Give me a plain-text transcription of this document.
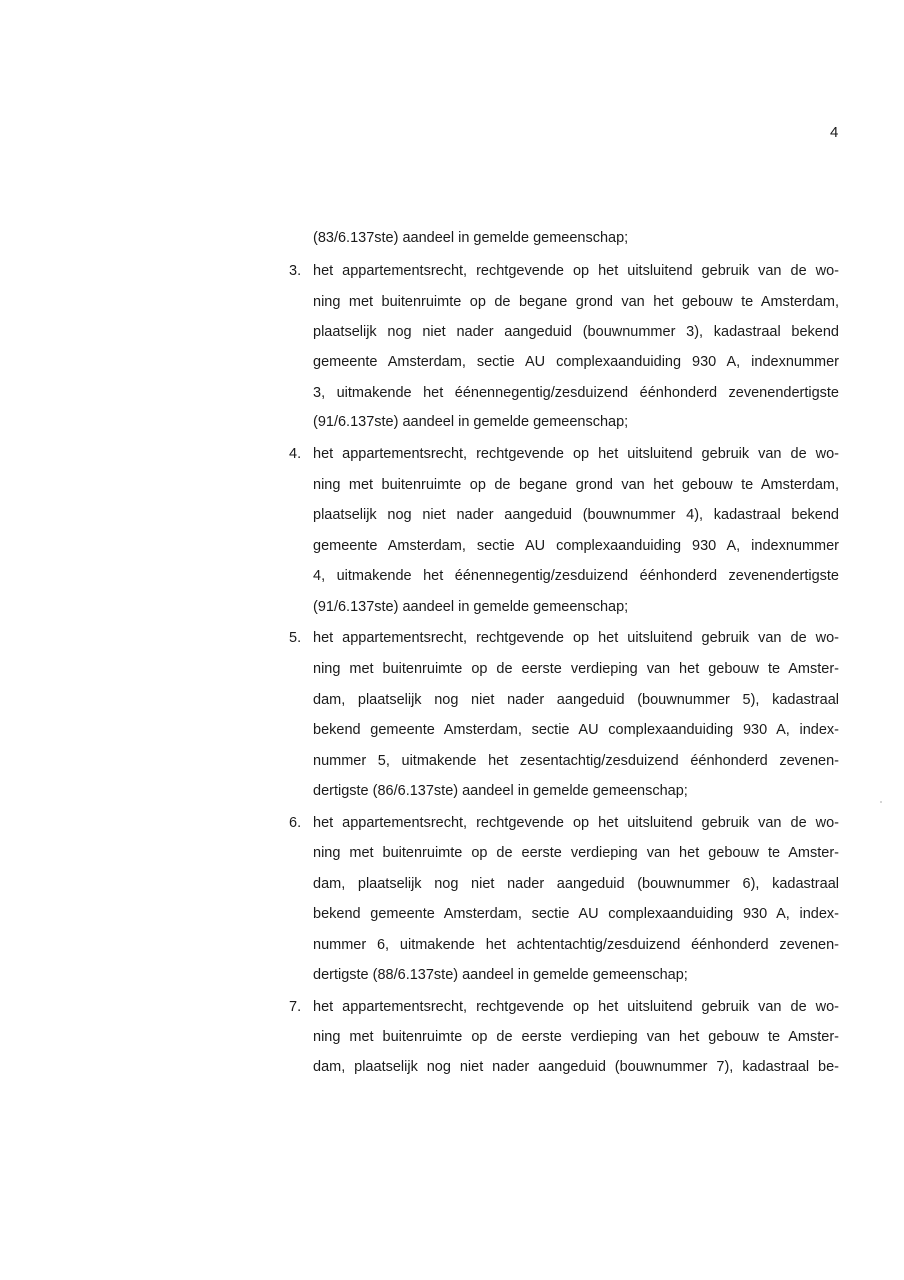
4
(83/6.137ste) aandeel in gemelde gemeenschap;
3. het appartementsrecht, rechtgevende op het uitsluitend gebruik van de wo-
ning met buitenruimte op de begane grond van het gebouw te Amsterdam,
plaatselijk nog niet nader aangeduid (bouwnummer 3), kadastraal bekend
gemeente Amsterdam, sectie AU complexaanduiding 930 A, indexnummer
3, uitmakende het éénennegentig/zesduizend éénhonderd zevenendertigste
(91/6.137ste) aandeel in gemelde gemeenschap;
4. het appartementsrecht, rechtgevende op het uitsluitend gebruik van de wo-
ning met buitenruimte op de begane grond van het gebouw te Amsterdam,
plaatselijk nog niet nader aangeduid (bouwnummer 4), kadastraal bekend
gemeente Amsterdam, sectie AU complexaanduiding 930 A, indexnummer
4, uitmakende het éénennegentig/zesduizend éénhonderd zevenendertigste
(91/6.137ste) aandeel in gemelde gemeenschap;
5. het appartementsrecht, rechtgevende op het uitsluitend gebruik van de wo-
ning met buitenruimte op de eerste verdieping van het gebouw te Amster-
dam, plaatselijk nog niet nader aangeduid (bouwnummer 5), kadastraal
bekend gemeente Amsterdam, sectie AU complexaanduiding 930 A, index-
nummer 5, uitmakende het zesentachtig/zesduizend éénhonderd zevenen-
dertigste (86/6.137ste) aandeel in gemelde gemeenschap;
6. het appartementsrecht, rechtgevende op het uitsluitend gebruik van de wo-
ning met buitenruimte op de eerste verdieping van het gebouw te Amster-
dam, plaatselijk nog niet nader aangeduid (bouwnummer 6), kadastraal
bekend gemeente Amsterdam, sectie AU complexaanduiding 930 A, index-
nummer 6, uitmakende het achtentachtig/zesduizend éénhonderd zevenen-
dertigste (88/6.137ste) aandeel in gemelde gemeenschap;
7. het appartementsrecht, rechtgevende op het uitsluitend gebruik van de wo-
ning met buitenruimte op de eerste verdieping van het gebouw te Amster-
dam, plaatselijk nog niet nader aangeduid (bouwnummer 7), kadastraal be-
